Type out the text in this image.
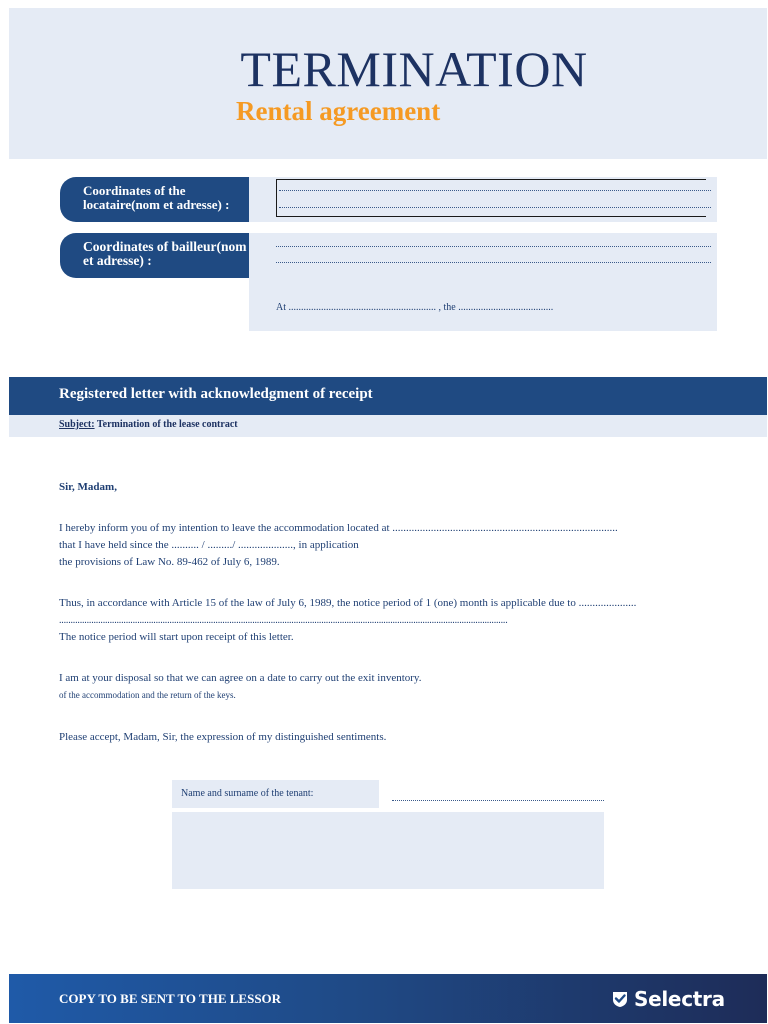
TERMINATION
Rental agreement
Coordinates of the locataire(nom et adresse) :
Coordinates of bailleur(nom et adresse) :
At ........................................................... , the ......................................
Registered letter with acknowledgment of receipt
Subject: Termination of the lease contract
Sir, Madam,
I hereby inform you of my intention to leave the accommodation located at ..................................................................................
that I have held since the .......... / ........./ ...................., in application
the provisions of Law No. 89-462 of July 6, 1989.
Thus, in accordance with Article 15 of the law of July 6, 1989, the notice period of 1 (one) month is applicable due to .....................
...................................................................................................................................................................................................
The notice period will start upon receipt of this letter.
I am at your disposal so that we can agree on a date to carry out the exit inventory.
of the accommodation and the return of the keys.
Please accept, Madam, Sir, the expression of my distinguished sentiments.
Name and surname of the tenant:
COPY TO BE SENT TO THE LESSOR	Selectra
